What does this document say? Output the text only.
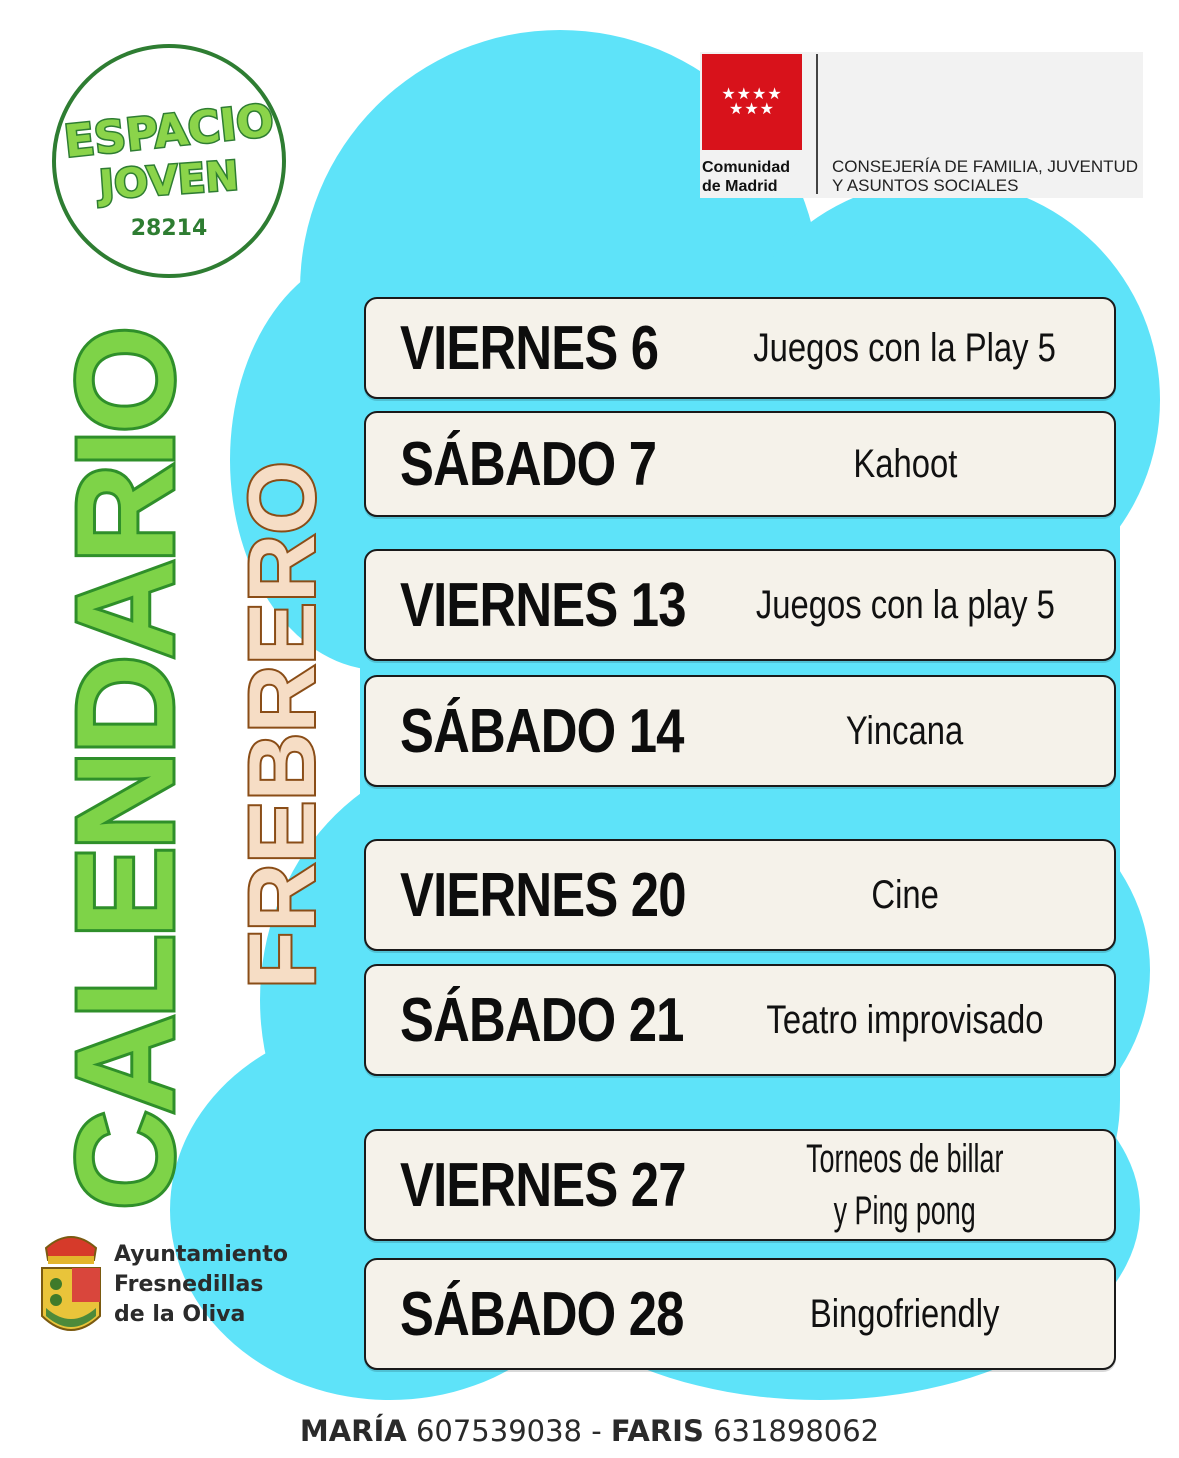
ESPACIO
JOVEN
28214
★★★★
★★★
Comunidad de Madrid
CONSEJERÍA DE FAMILIA, JUVENTUD Y ASUNTOS SOCIALES
CALENDARIO FREBRERO
VIERNES 6 Juegos con la Play 5
SÁBADO 7	Kahoot
VIERNES 13 Juegos con la play 5
SÁBADO 14	Yincana
VIERNES 20	Cine
SÁBADO 21 Teatro improvisado
VIERNES 27	Torneos de billar
y Ping pong
SÁBADO 28	Bingofriendly
Ayuntamiento
Fresnedillas
de la Oliva
MARÍA 607539038 - FARIS 631898062
